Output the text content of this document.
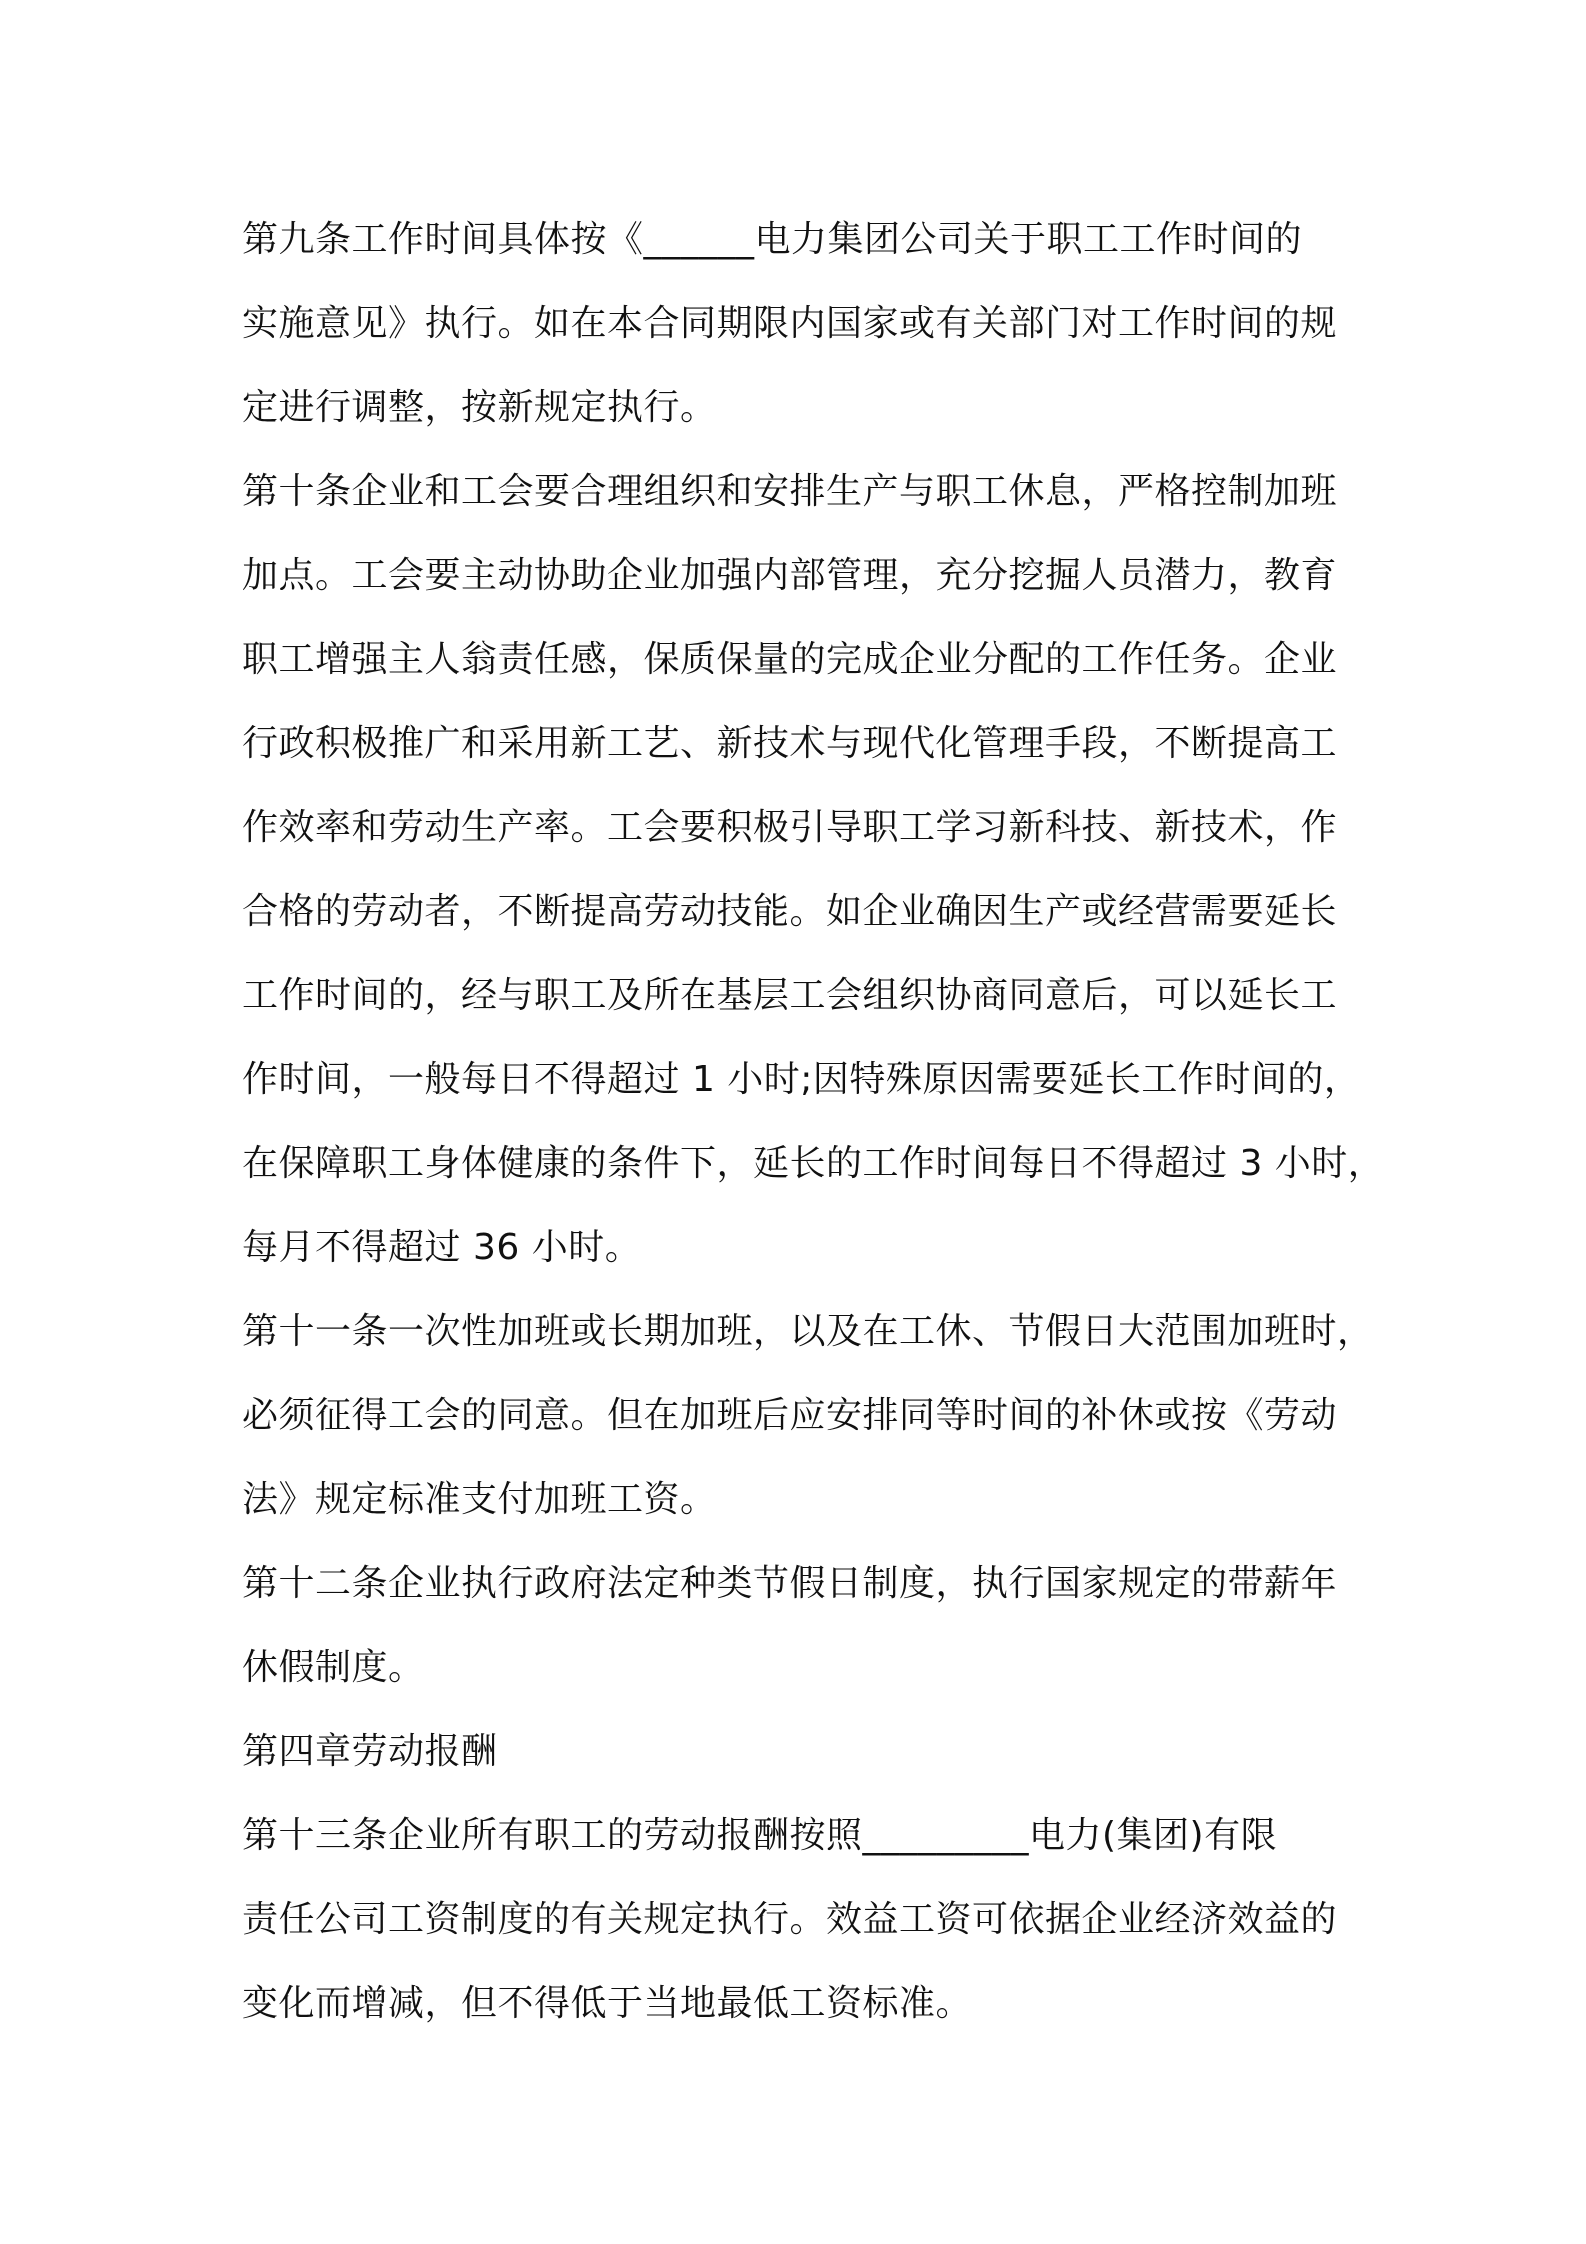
第九条工作时间具体按《______电力集团公司关于职工工作时间的
实施意见》执行。如在本合同期限内国家或有关部门对工作时间的规
定进行调整，按新规定执行。
第十条企业和工会要合理组织和安排生产与职工休息，严格控制加班
加点。工会要主动协助企业加强内部管理，充分挖掘人员潜力，教育
职工增强主人翁责任感，保质保量的完成企业分配的工作任务。企业
行政积极推广和采用新工艺、新技术与现代化管理手段，不断提高工
作效率和劳动生产率。工会要积极引导职工学习新科技、新技术，作
合格的劳动者，不断提高劳动技能。如企业确因生产或经营需要延长
工作时间的，经与职工及所在基层工会组织协商同意后，可以延长工
作时间，一般每日不得超过 1 小时;因特殊原因需要延长工作时间的，
在保障职工身体健康的条件下，延长的工作时间每日不得超过 3 小时，
每月不得超过 36 小时。
第十一条一次性加班或长期加班，以及在工休、节假日大范围加班时，
必须征得工会的同意。但在加班后应安排同等时间的补休或按《劳动
法》规定标准支付加班工资。
第十二条企业执行政府法定种类节假日制度，执行国家规定的带薪年
休假制度。
第四章劳动报酬
第十三条企业所有职工的劳动报酬按照_________电力(集团)有限
责任公司工资制度的有关规定执行。效益工资可依据企业经济效益的
变化而增减，但不得低于当地最低工资标准。
